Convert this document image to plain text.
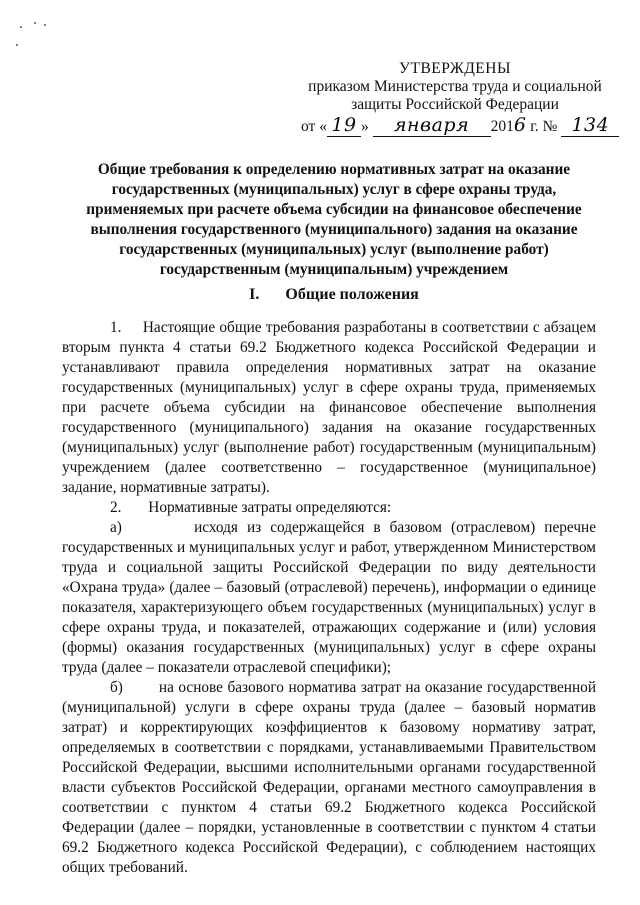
УТВЕРЖДЕНЫ
приказом Министерства труда и социальной
защиты Российской Федерации
от « 19 » января 2016 г. № 134
Общие требования к определению нормативных затрат на оказание
государственных (муниципальных) услуг в сфере охраны труда,
применяемых при расчете объема субсидии на финансовое обеспечение
выполнения государственного (муниципального) задания на оказание
государственных (муниципальных) услуг (выполнение работ)
государственным (муниципальным) учреждением
I. Общие положения

1. Настоящие общие требования разработаны в соответствии с абзацем вторым пункта 4 статьи 69.2 Бюджетного кодекса Российской Федерации и устанавливают правила определения нормативных затрат на оказание государственных (муниципальных) услуг в сфере охраны труда, применяемых при расчете объема субсидии на финансовое обеспечение выполнения государственного (муниципального) задания на оказание государственных (муниципальных) услуг (выполнение работ) государственным (муниципальным) учреждением (далее соответственно – государственное (муниципальное) задание, нормативные затраты).

2. Нормативные затраты определяются:

а)	исходя из содержащейся в базовом (отраслевом) перечне государственных и муниципальных услуг и работ, утвержденном Министерством труда и социальной защиты Российской Федерации по виду деятельности «Охрана труда» (далее – базовый (отраслевой) перечень), информации о единице показателя, характеризующего объем государственных (муниципальных) услуг в сфере охраны труда, и показателей, отражающих содержание и (или) условия (формы) оказания государственных (муниципальных) услуг в сфере охраны труда (далее – показатели отраслевой специфики);

б) на основе базового норматива затрат на оказание государственной (муниципальной) услуги в сфере охраны труда (далее – базовый норматив затрат) и корректирующих коэффициентов к базовому нормативу затрат, определяемых в соответствии с порядками, устанавливаемыми Правительством Российской Федерации, высшими исполнительными органами государственной власти субъектов Российской Федерации, органами местного самоуправления в соответствии с пунктом 4 статьи 69.2 Бюджетного кодекса Российской Федерации (далее – порядки, установленные в соответствии с пунктом 4 статьи 69.2 Бюджетного кодекса Российской Федерации), с соблюдением настоящих общих требований.
